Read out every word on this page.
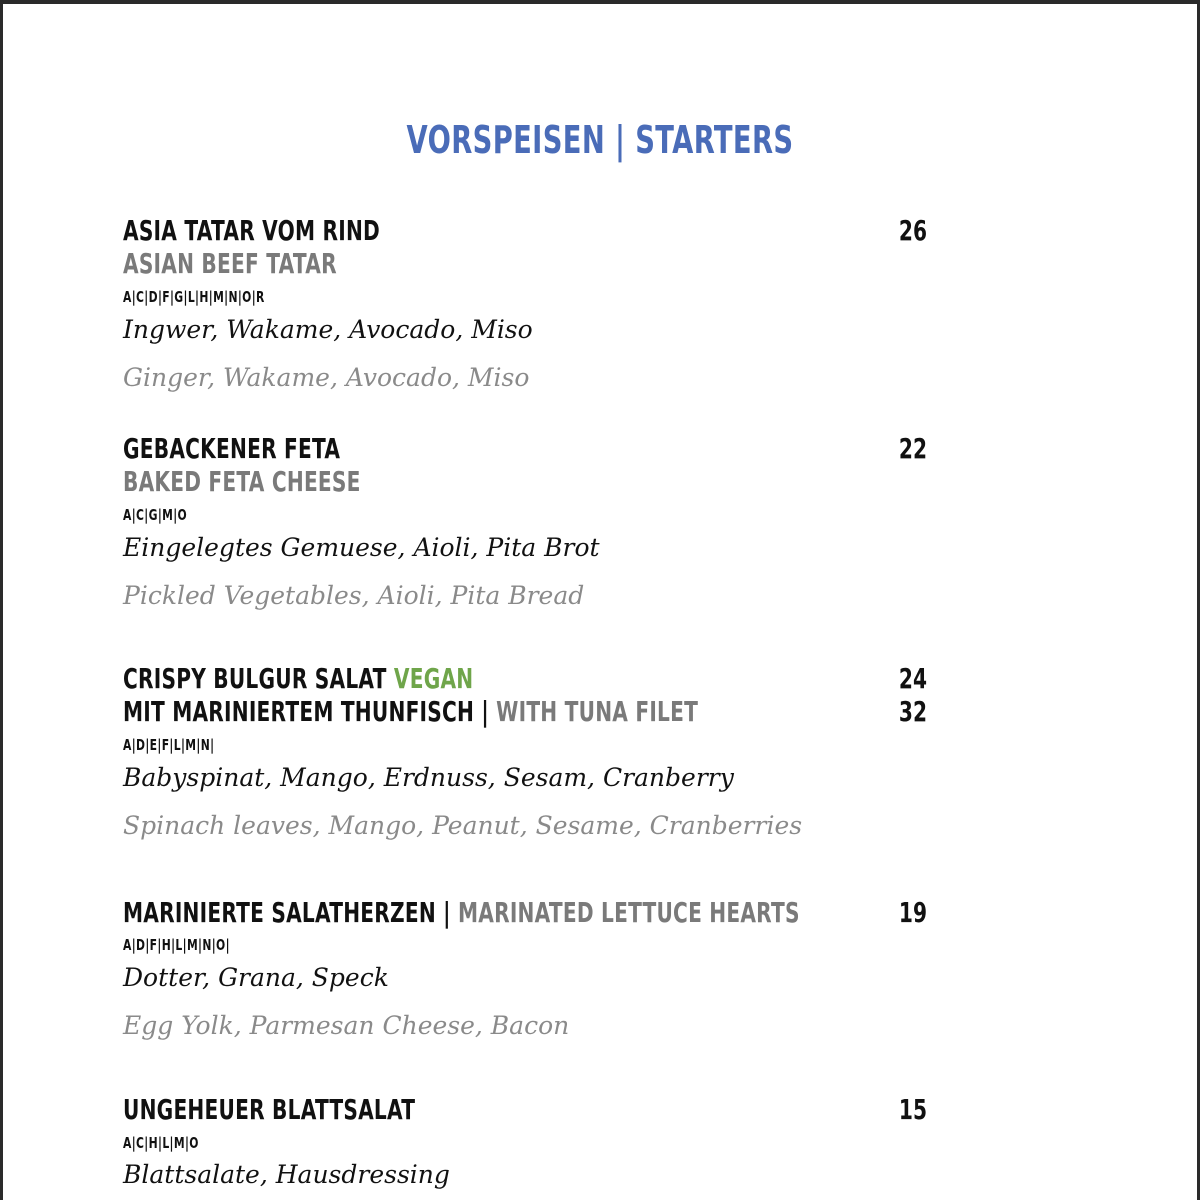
VORSPEISEN | STARTERS
ASIA TATAR VOM RIND
ASIAN BEEF TATAR
A|C|D|F|G|L|H|M|N|O|R
Ingwer, Wakame, Avocado, Miso
Ginger, Wakame, Avocado, Miso
26
GEBACKENER FETA
BAKED FETA CHEESE
A|C|G|M|O
Eingelegtes Gemuese, Aioli, Pita Brot
Pickled Vegetables, Aioli, Pita Bread
22
CRISPY BULGUR SALAT VEGAN
MIT MARINIERTEM THUNFISCH | WITH TUNA FILET
A|D|E|F|L|M|N|
Babyspinat, Mango, Erdnuss, Sesam, Cranberry
Spinach leaves, Mango, Peanut, Sesame, Cranberries
24
32
MARINIERTE SALATHERZEN | MARINATED LETTUCE HEARTS
A|D|F|H|L|M|N|O|
Dotter, Grana, Speck
Egg Yolk, Parmesan Cheese, Bacon
19
UNGEHEUER BLATTSALAT
A|C|H|L|M|O
Blattsalate, Hausdressing
15
